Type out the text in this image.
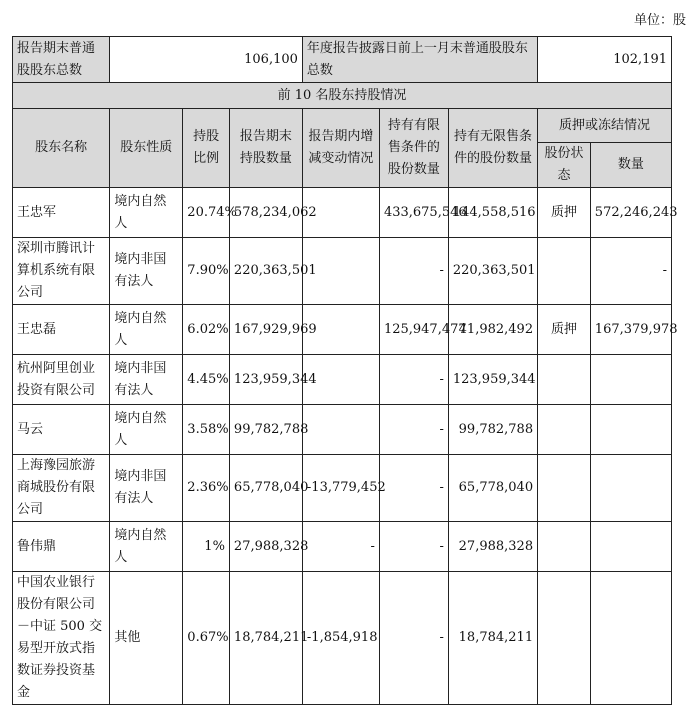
单位：股
报告期末普通股股东总数	106,100			年度报告披露日前上一月末普通股股东总数			102,191	
前 10 名股东持股情况								
股东名称	股东性质	持股比例	报告期末持股数量	报告期内增减变动情况	持有有限售条件的股份数量	持有无限售条件的股份数量	质押或冻结情况	
							股份状态	数量
王忠军	境内自然人	20.74%	578,234,062		433,675,546	144,558,516	质押	572,246,243
深圳市腾讯计算机系统有限公司	境内非国有法人	7.90%	220,363,501		-	220,363,501		-
王忠磊	境内自然人	6.02%	167,929,969		125,947,477	41,982,492	质押	167,379,978
杭州阿里创业投资有限公司	境内非国有法人	4.45%	123,959,344		-	123,959,344		
马云	境内自然人	3.58%	99,782,788		-	99,782,788		
上海豫园旅游商城股份有限公司	境内非国有法人	2.36%	65,778,040	-13,779,452	-	65,778,040		
鲁伟鼎	境内自然人	1%	27,988,328	-	-	27,988,328		
中国农业银行股份有限公司－中证 500 交易型开放式指数证券投资基金	其他	0.67%	18,784,211	-1,854,918	-	18,784,211		
